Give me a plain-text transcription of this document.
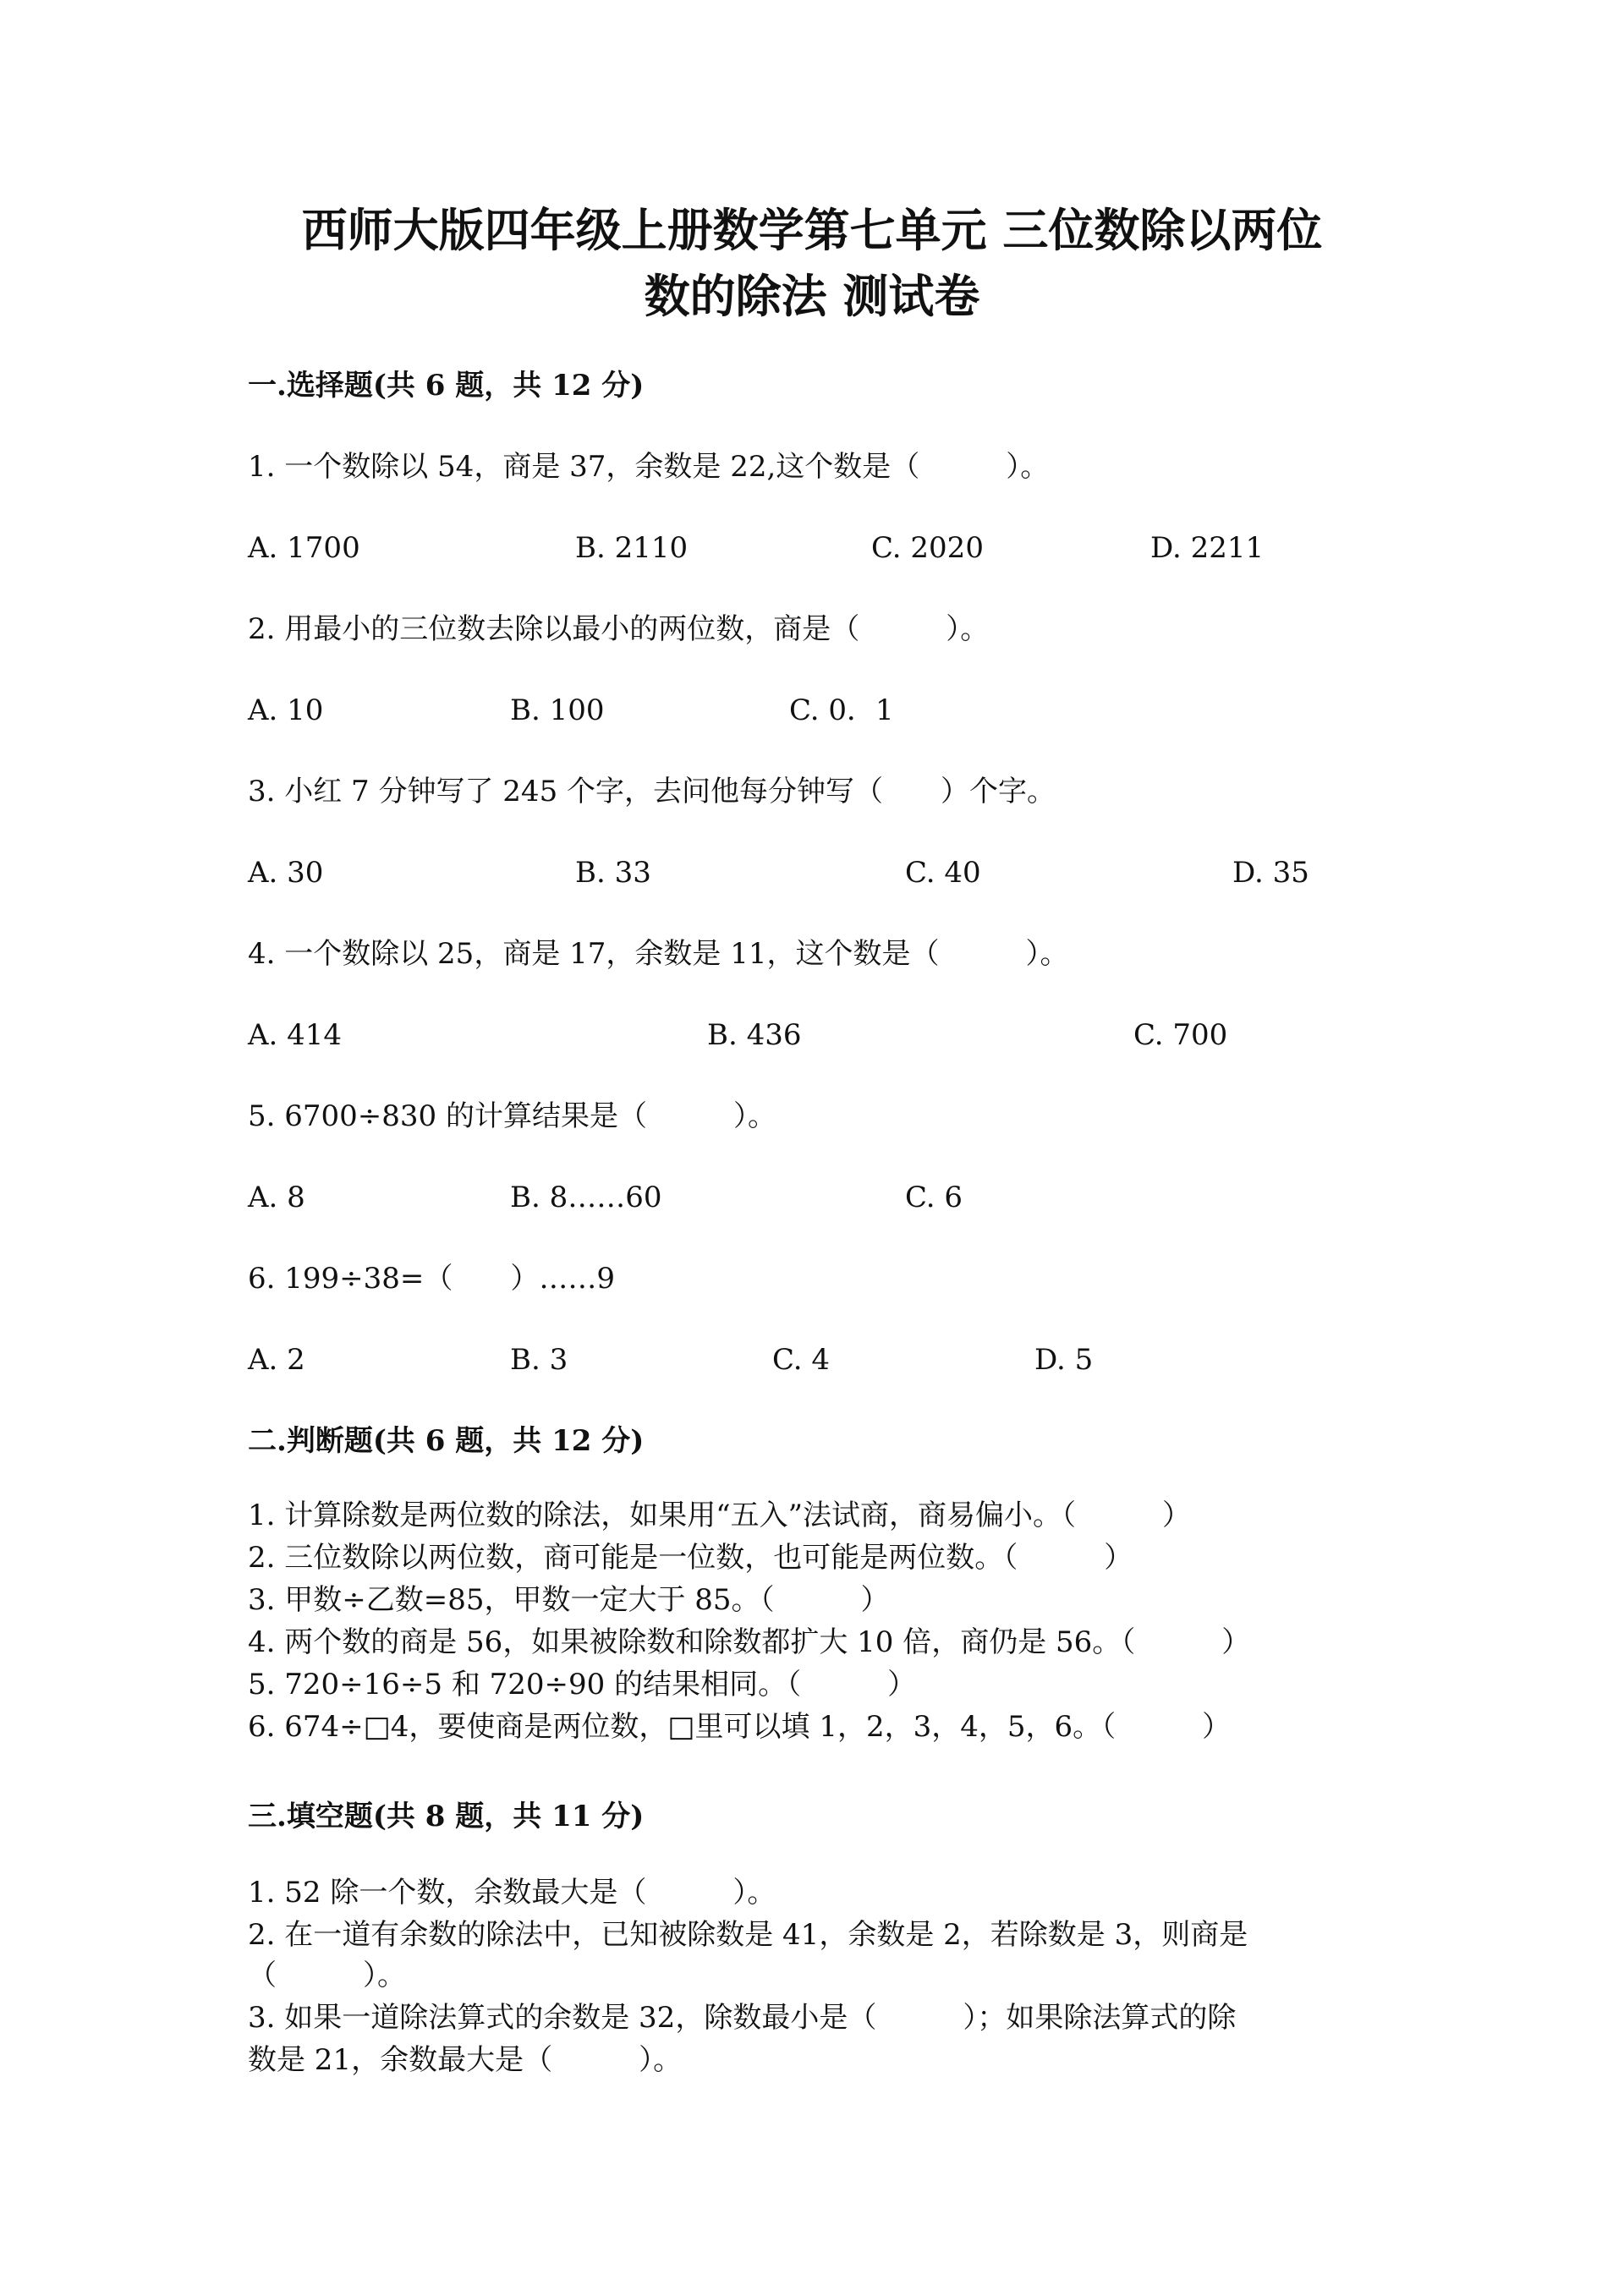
西师大版四年级上册数学第七单元 三位数除以两位
数的除法 测试卷
一.选择题(共 6 题，共 12 分)
1. 一个数除以 54，商是 37，余数是 22,这个数是（　　　）。
A. 1700	B. 2110	C. 2020	D. 2211
2. 用最小的三位数去除以最小的两位数，商是（　　　）。
A. 10	B. 100	C. 0．1
3. 小红 7 分钟写了 245 个字，去问他每分钟写（　　）个字。
A. 30	B. 33	C. 40	D. 35
4. 一个数除以 25，商是 17，余数是 11，这个数是（　　　）。
A. 414	B. 436	C. 700
5. 6700÷830 的计算结果是（　　　）。
A. 8	B. 8……60	C. 6
6. 199÷38=（　　）……9
A. 2	B. 3	C. 4	D. 5
二.判断题(共 6 题，共 12 分)
1. 计算除数是两位数的除法，如果用“五入”法试商，商易偏小。（　　　）
2. 三位数除以两位数，商可能是一位数，也可能是两位数。（　　　）
3. 甲数÷乙数=85，甲数一定大于 85。（　　　）
4. 两个数的商是 56，如果被除数和除数都扩大 10 倍，商仍是 56。（　　　）
5. 720÷16÷5 和 720÷90 的结果相同。（　　　）
6. 674÷□4，要使商是两位数，□里可以填 1，2，3，4，5，6。（　　　）
三.填空题(共 8 题，共 11 分)
1. 52 除一个数，余数最大是（　　　）。
2. 在一道有余数的除法中，已知被除数是 41，余数是 2，若除数是 3，则商是
（　　　）。
3. 如果一道除法算式的余数是 32，除数最小是（　　　）；如果除法算式的除
数是 21，余数最大是（　　　）。
